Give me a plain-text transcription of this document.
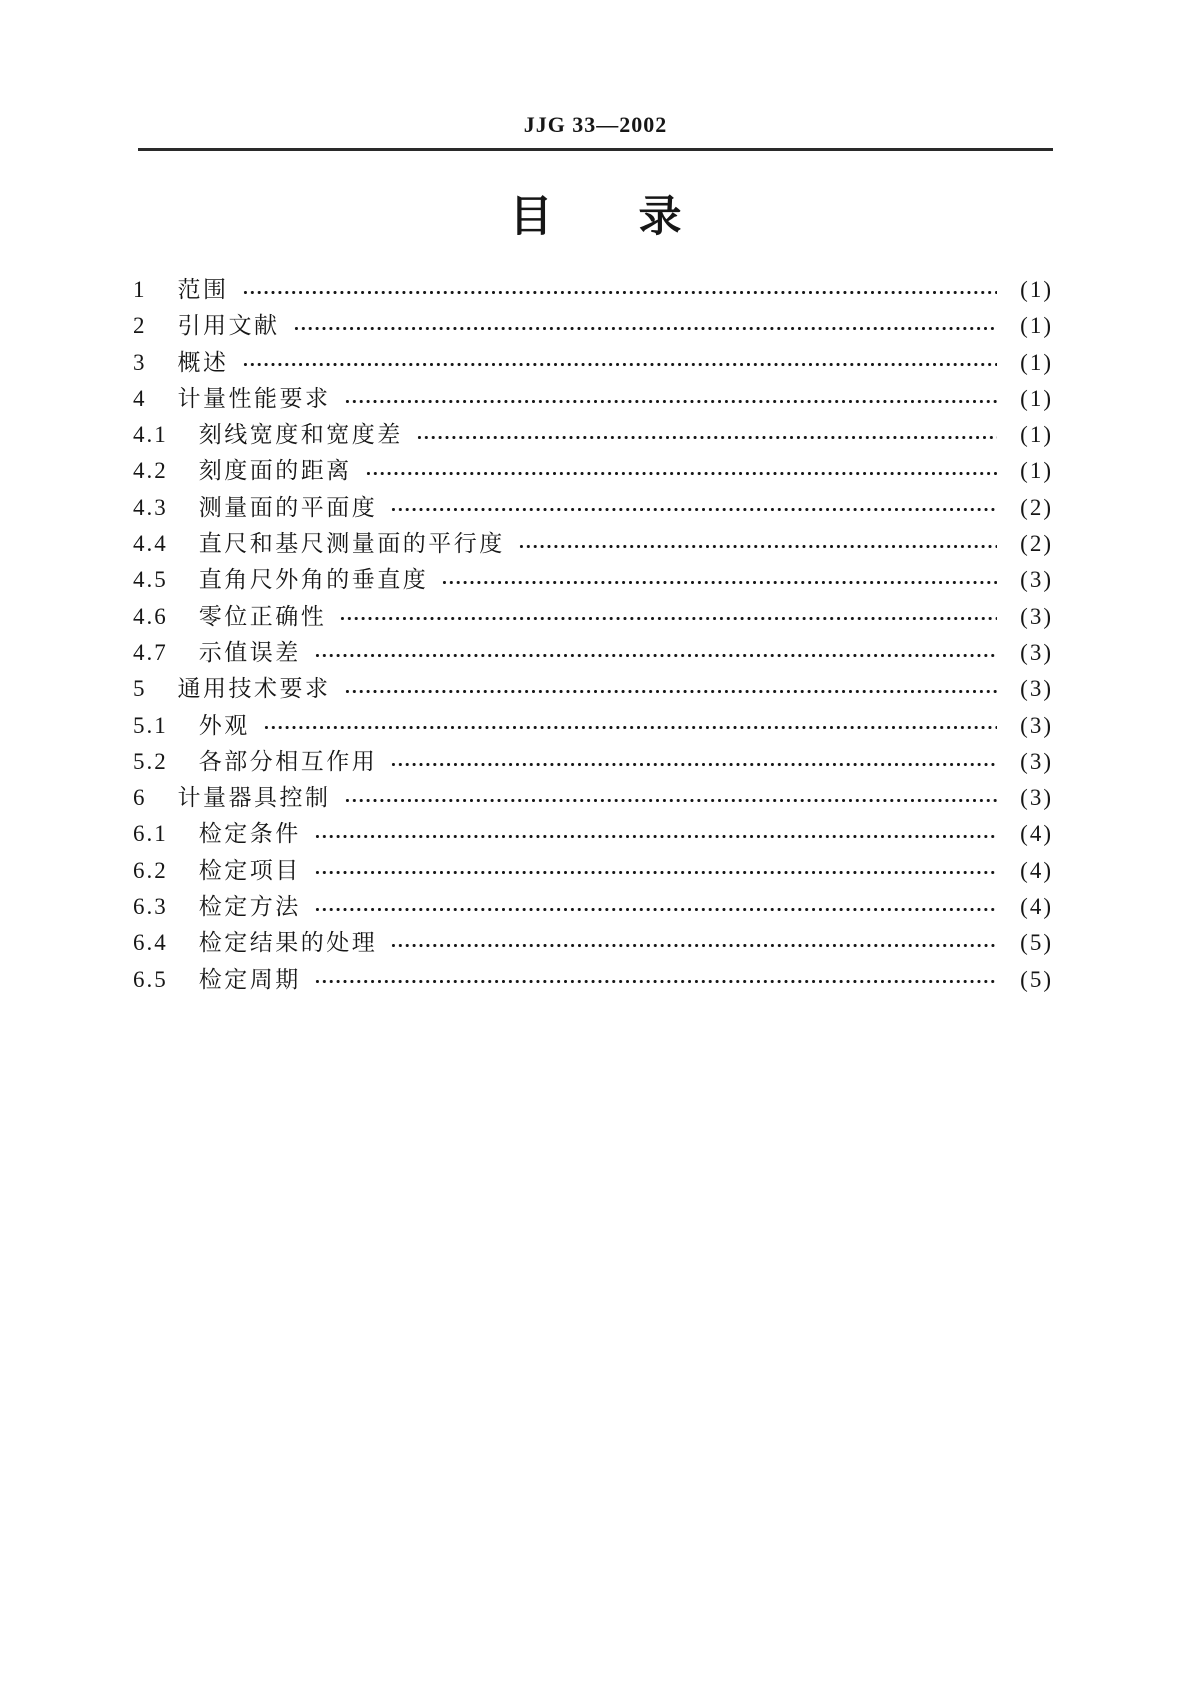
JJG 33—2002
目　　录
1 范围	(1)
2 引用文献	(1)
3 概述	(1)
4 计量性能要求	(1)
4.1 刻线宽度和宽度差	(1)
4.2 刻度面的距离	(1)
4.3 测量面的平面度	(2)
4.4 直尺和基尺测量面的平行度	(2)
4.5 直角尺外角的垂直度	(3)
4.6 零位正确性	(3)
4.7 示值误差	(3)
5 通用技术要求	(3)
5.1 外观	(3)
5.2 各部分相互作用	(3)
6 计量器具控制	(3)
6.1 检定条件	(4)
6.2 检定项目	(4)
6.3 检定方法	(4)
6.4 检定结果的处理	(5)
6.5 检定周期	(5)
